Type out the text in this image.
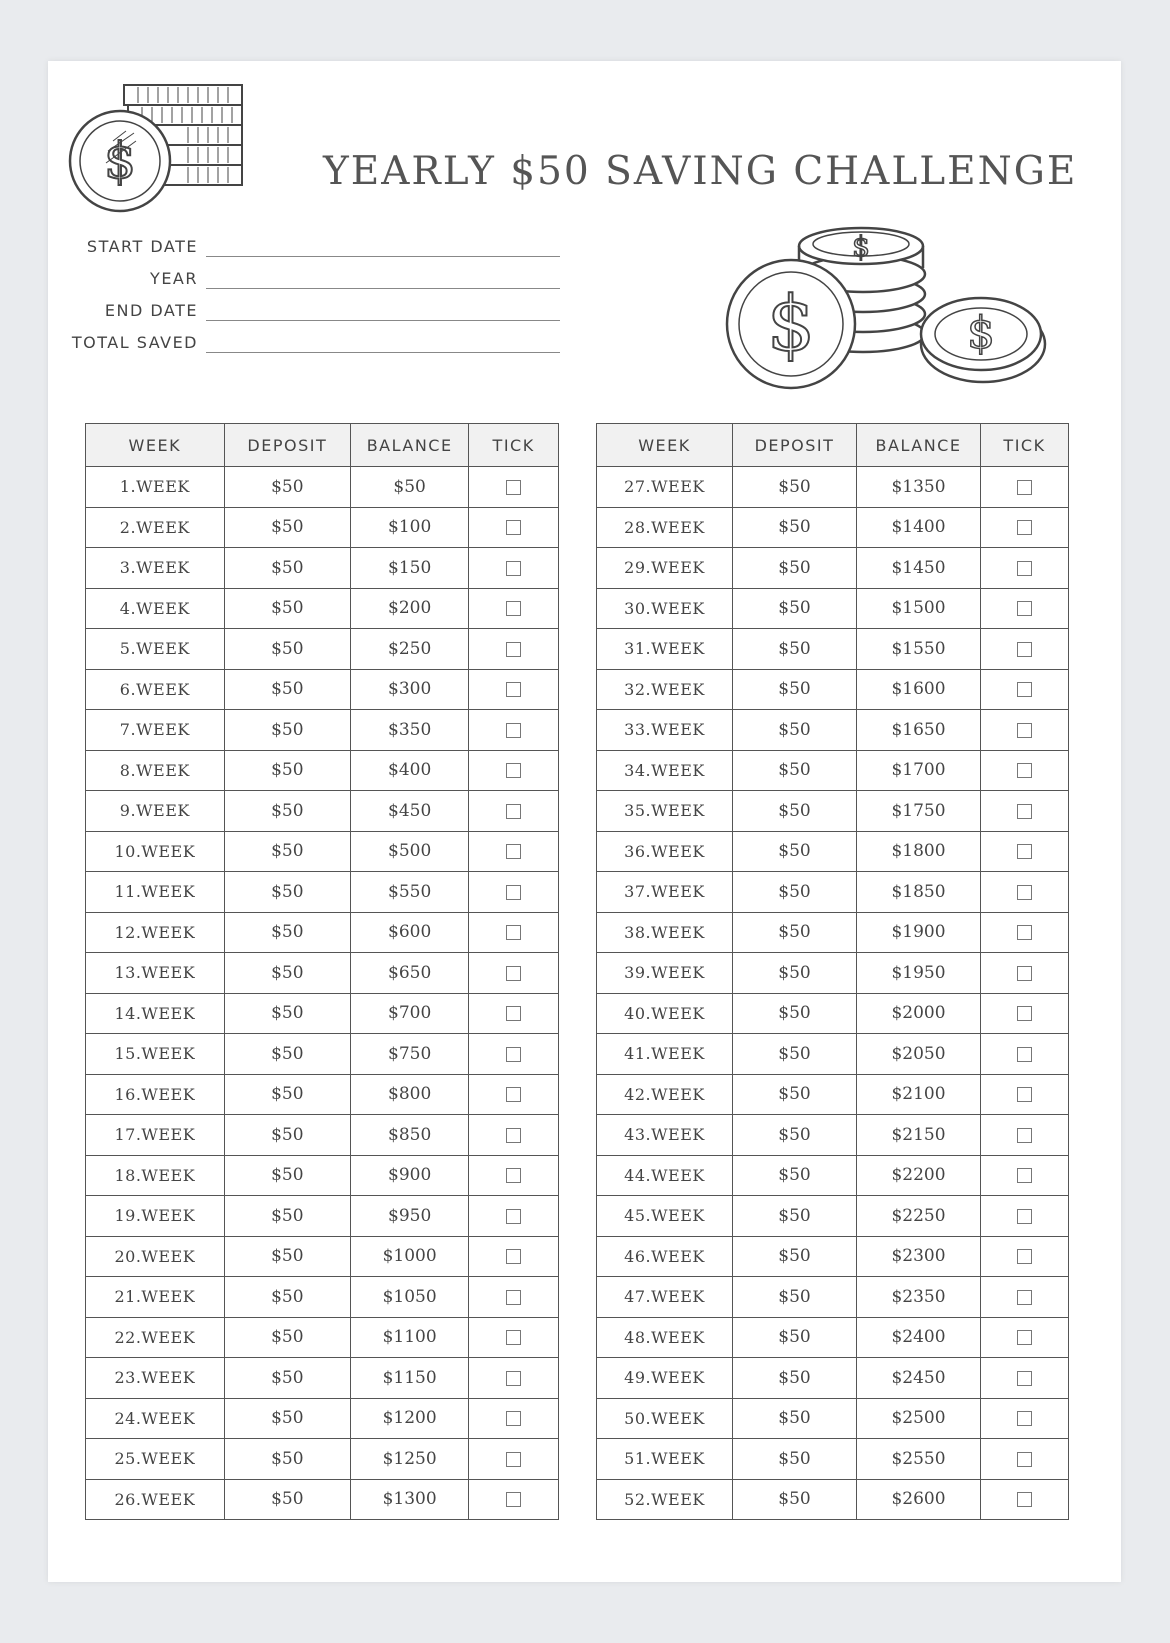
$	YEARLY $50 SAVING CHALLENGE
$	$
$
START DATE
YEAR
END DATE
TOTAL SAVED
WEEK	DEPOSIT	BALANCE	TICK
1.WEEK	$50	$50	
2.WEEK	$50	$100	
3.WEEK	$50	$150	
4.WEEK	$50	$200	
5.WEEK	$50	$250	
6.WEEK	$50	$300	
7.WEEK	$50	$350	
8.WEEK	$50	$400	
9.WEEK	$50	$450	
10.WEEK	$50	$500	
11.WEEK	$50	$550	
12.WEEK	$50	$600	
13.WEEK	$50	$650	
14.WEEK	$50	$700	
15.WEEK	$50	$750	
16.WEEK	$50	$800	
17.WEEK	$50	$850	
18.WEEK	$50	$900	
19.WEEK	$50	$950	
20.WEEK	$50	$1000	
21.WEEK	$50	$1050	
22.WEEK	$50	$1100	
23.WEEK	$50	$1150	
24.WEEK	$50	$1200	
25.WEEK	$50	$1250	
26.WEEK	$50	$1300	
WEEK	DEPOSIT	BALANCE	TICK
27.WEEK	$50	$1350	
28.WEEK	$50	$1400	
29.WEEK	$50	$1450	
30.WEEK	$50	$1500	
31.WEEK	$50	$1550	
32.WEEK	$50	$1600	
33.WEEK	$50	$1650	
34.WEEK	$50	$1700	
35.WEEK	$50	$1750	
36.WEEK	$50	$1800	
37.WEEK	$50	$1850	
38.WEEK	$50	$1900	
39.WEEK	$50	$1950	
40.WEEK	$50	$2000	
41.WEEK	$50	$2050	
42.WEEK	$50	$2100	
43.WEEK	$50	$2150	
44.WEEK	$50	$2200	
45.WEEK	$50	$2250	
46.WEEK	$50	$2300	
47.WEEK	$50	$2350	
48.WEEK	$50	$2400	
49.WEEK	$50	$2450	
50.WEEK	$50	$2500	
51.WEEK	$50	$2550	
52.WEEK	$50	$2600	
